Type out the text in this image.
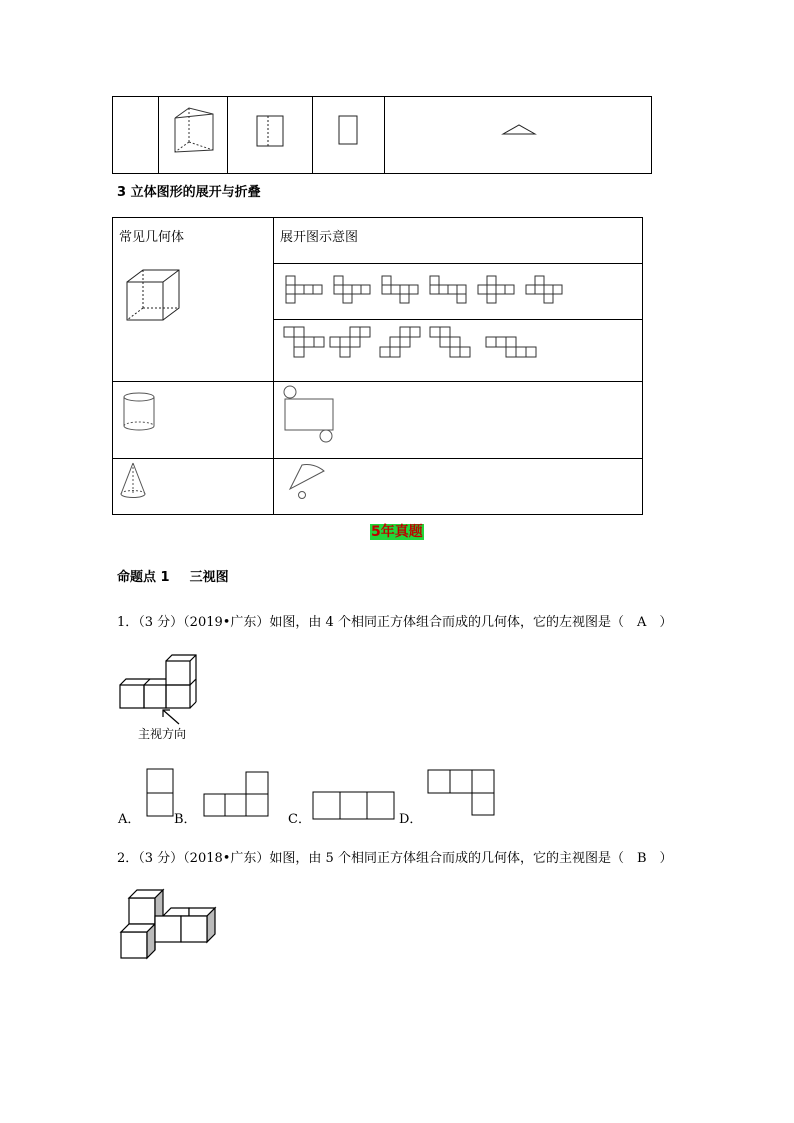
3 立体图形的展开与折叠
常见几何体	展开图示意图

5年真题
命题点 1 三视图
1．（3 分）（2019•广东）如图，由 4 个相同正方体组合而成的几何体，它的左视图是（　A　）
主视方向
A．	B．	C．	D．
2．（3 分）（2018•广东）如图，由 5 个相同正方体组合而成的几何体，它的主视图是（　B　）
